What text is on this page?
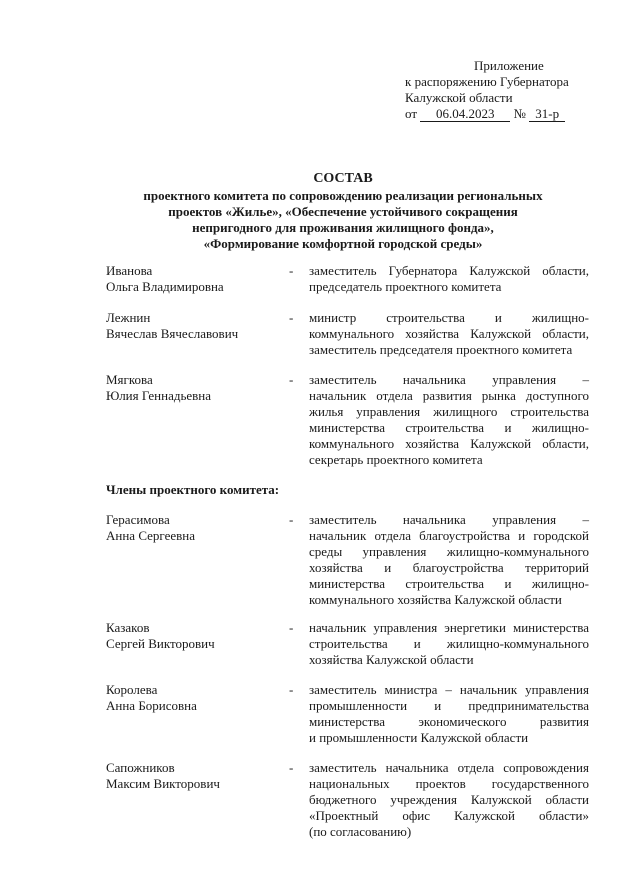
Приложение
к распоряжению Губернатора
Калужской области
от 06.04.2023 № 31-р
СОСТАВ
проектного комитета по сопровождению реализации региональных
проектов «Жилье», «Обеспечение устойчивого сокращения
непригодного для проживания жилищного фонда»,
«Формирование комфортной городской среды»
Иванова
Ольга Владимировна
- заместитель Губернатора Калужской области,
председатель проектного комитета
Лежнин
Вячеслав Вячеславович
- министр строительства и жилищно-
коммунального хозяйства Калужской области,
заместитель председателя проектного комитета
Мягкова
Юлия Геннадьевна
- заместитель начальника управления –
начальник отдела развития рынка доступного
жилья управления жилищного строительства
министерства строительства и жилищно-
коммунального хозяйства Калужской области,
секретарь проектного комитета
Члены проектного комитета:
Герасимова
Анна Сергеевна
- заместитель начальника управления –
начальник отдела благоустройства и городской
среды управления жилищно-коммунального
хозяйства и благоустройства территорий
министерства строительства и жилищно-
коммунального хозяйства Калужской области
Казаков
Сергей Викторович
- начальник управления энергетики министерства
строительства и жилищно-коммунального
хозяйства Калужской области
Королева
Анна Борисовна
- заместитель министра – начальник управления
промышленности и предпринимательства
министерства экономического развития
и промышленности Калужской области
Сапожников
Максим Викторович
- заместитель начальника отдела сопровождения
национальных проектов государственного
бюджетного учреждения Калужской области
«Проектный офис Калужской области»
(по согласованию)
